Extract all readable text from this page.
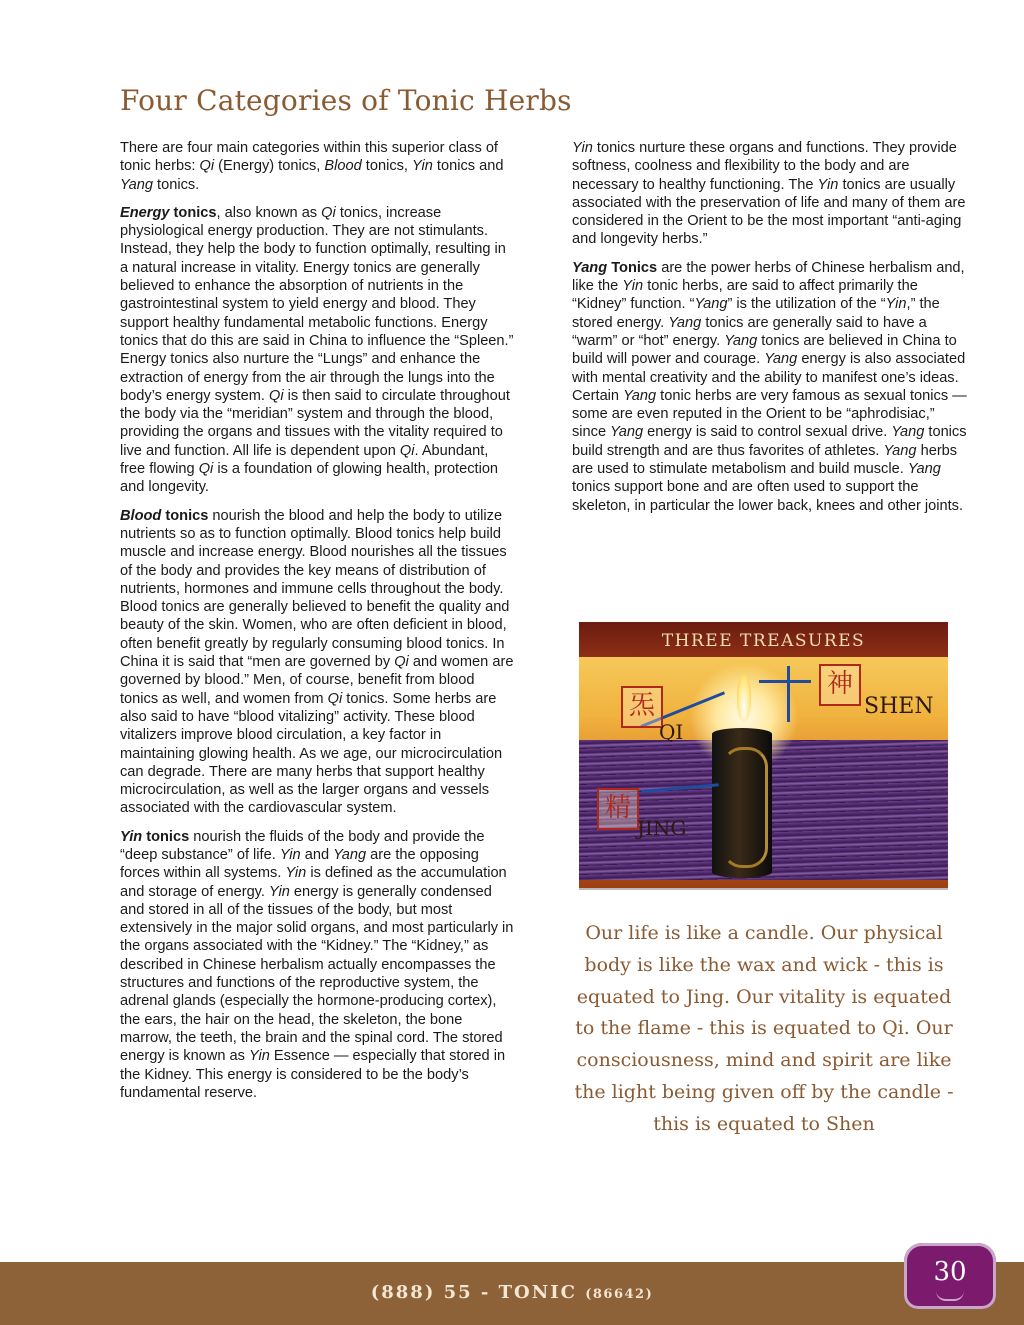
Four Categories of Tonic Herbs

There are four main categories within this superior class of tonic herbs: Qi (Energy) tonics, Blood tonics, Yin tonics and Yang tonics.

Energy tonics, also known as Qi tonics, increase physiological energy production. They are not stimulants. Instead, they help the body to function optimally, resulting in a natural increase in vitality. Energy tonics are generally believed to enhance the absorption of nutrients in the gastrointestinal system to yield energy and blood. They support healthy fundamental metabolic functions. Energy tonics that do this are said in China to influence the “Spleen.” Energy tonics also nurture the “Lungs” and enhance the extraction of energy from the air through the lungs into the body’s energy system. Qi is then said to circulate throughout the body via the “meridian” system and through the blood, providing the organs and tissues with the vitality required to live and function. All life is dependent upon Qi. Abundant, free flowing Qi is a foundation of glowing health, protection and longevity.

Blood tonics nourish the blood and help the body to utilize nutrients so as to function optimally. Blood tonics help build muscle and increase energy. Blood nourishes all the tissues of the body and provides the key means of distribution of nutrients, hormones and immune cells throughout the body. Blood tonics are generally believed to benefit the quality and beauty of the skin. Women, who are often deficient in blood, often benefit greatly by regularly consuming blood tonics. In China it is said that “men are governed by Qi and women are governed by blood.” Men, of course, benefit from blood tonics as well, and women from Qi tonics. Some herbs are also said to have “blood vitalizing” activity. These blood vitalizers improve blood circulation, a key factor in maintaining glowing health. As we age, our microcirculation can degrade. There are many herbs that support healthy microcirculation, as well as the larger organs and vessels associated with the cardiovascular system.

Yin tonics nourish the fluids of the body and provide the “deep substance” of life. Yin and Yang are the opposing forces within all systems. Yin is defined as the accumulation and storage of energy. Yin energy is generally condensed and stored in all of the tissues of the body, but most extensively in the major solid organs, and most particularly in the organs associated with the “Kidney.” The “Kidney,” as described in Chinese herbalism actually encompasses the structures and functions of the reproductive system, the adrenal glands (especially the hormone-producing cortex), the ears, the hair on the head, the skeleton, the bone marrow, the teeth, the brain and the spinal cord. The stored energy is known as Yin Essence — especially that stored in the Kidney. This energy is considered to be the body’s fundamental reserve.

Yin tonics nurture these organs and functions. They provide softness, coolness and flexibility to the body and are necessary to healthy functioning. The Yin tonics are usually associated with the preservation of life and many of them are considered in the Orient to be the most important “anti-aging and longevity herbs.”

Yang Tonics are the power herbs of Chinese herbalism and, like the Yin tonic herbs, are said to affect primarily the “Kidney” function. “Yang” is the utilization of the “Yin,” the stored energy. Yang tonics are generally said to have a “warm” or “hot” energy. Yang tonics are believed in China to build will power and courage. Yang energy is also associated with mental creativity and the ability to manifest one’s ideas. Certain Yang tonic herbs are very famous as sexual tonics — some are even reputed in the Orient to be “aphrodisiac,” since Yang energy is said to control sexual drive. Yang tonics build strength and are thus favorites of athletes. Yang herbs are used to stimulate metabolism and build muscle. Yang tonics support bone and are often used to support the skeleton, in particular the lower back, knees and other joints.

THREE TREASURES
炁
QI
神
SHEN
精
JING

Our life is like a candle. Our physical body is like the wax and wick - this is equated to Jing. Our vitality is equated to the flame - this is equated to Qi. Our consciousness, mind and spirit are like the light being given off by the candle - this is equated to Shen

(888) 55 - TONIC (86642)
30
